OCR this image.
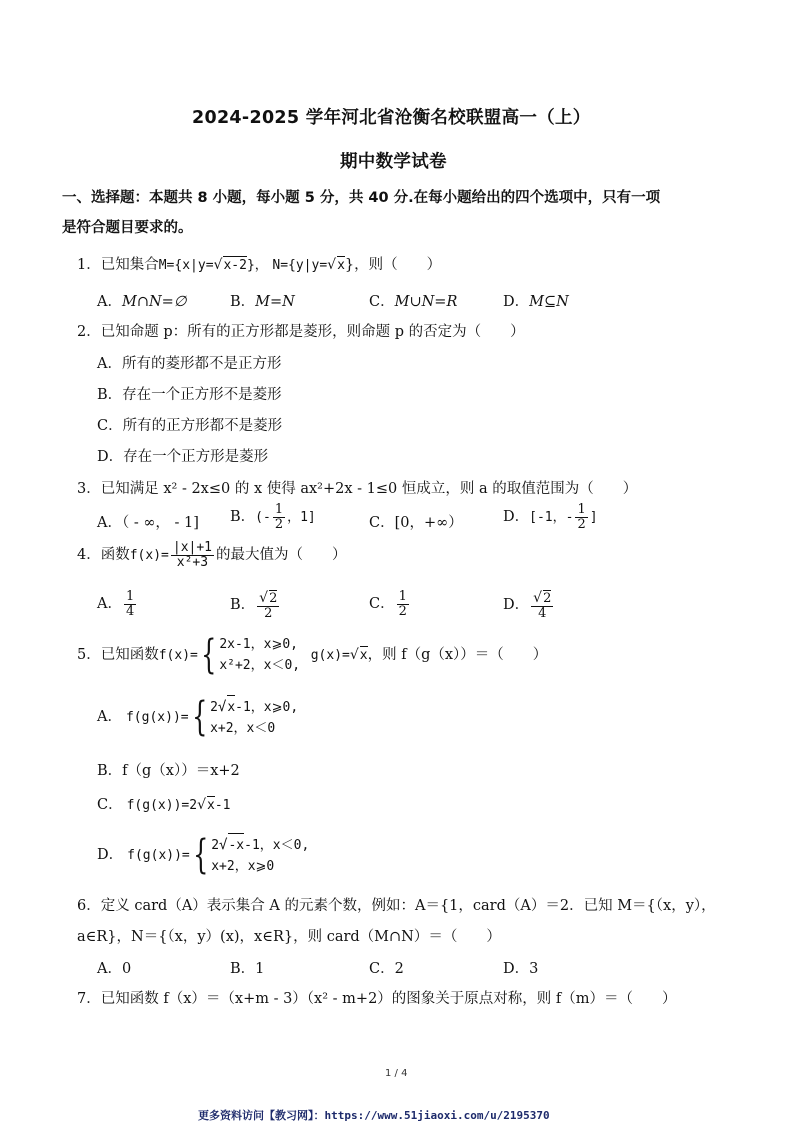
2024-2025 学年河北省沧衡名校联盟高一（上）
期中数学试卷
一、选择题：本题共 8 小题，每小题 5 分，共 40 分.在每小题给出的四个选项中，只有一项
是符合题目要求的。
1．已知集合M={x|y=√x-2}， N={y|y=√x}，则（　　）
A．M∩N=∅	B．M=N	C．M∪N=R	D．M⊆N
2．已知命题 p：所有的正方形都是菱形，则命题 p 的否定为（　　）
A．所有的菱形都不是正方形
B．存在一个正方形不是菱形
C．所有的正方形都不是菱形
D．存在一个正方形是菱形
3．已知满足 x² - 2x≤0 的 x 使得 ax²+2x - 1≤0 恒成立，则 a 的取值范围为（　　）
A．（ - ∞， - 1] B．(- $\frac{1}{2}$ ，1]	C．[0，+∞）	D．[-1，- $\frac{1}{2}$ ]
4．函数$f(x)= \frac{|x|+1}{\text{x²+3}}$ 的最大值为（　　）
A． $\frac{1}{4}$	B． $\frac{√2}{2}$	C． $\frac{1}{2}$	D． $\frac{√2}{4}$
5．已知函数f(x)={ 2x-1，x⩾0,
x²+2，x＜0,
g(x)=√x，则 f（g（x））＝（　　）
A． f(g(x))={ 2√x-1，x⩾0,
x+2，x＜0
B．f（g（x））＝x+2
C． f(g(x))=2√x-1
D． f(g(x))={ 2√-x-1，x＜0,
x+2，x⩾0
6．定义 card（A）表示集合 A 的元素个数，例如：A＝{1，card（A）＝2．已知 M＝{（x，y），
a∈R}，N＝{（x，y）(x)，x∈R}，则 card（M∩N）＝（　　）
A．0	B．1	C．2	D．3
7．已知函数 f（x）＝（x+m - 3）（x² - m+2）的图象关于原点对称，则 f（m）＝（　　）
1 / 4
更多资料访问【教习网】：https://www.51jiaoxi.com/u/2195370
